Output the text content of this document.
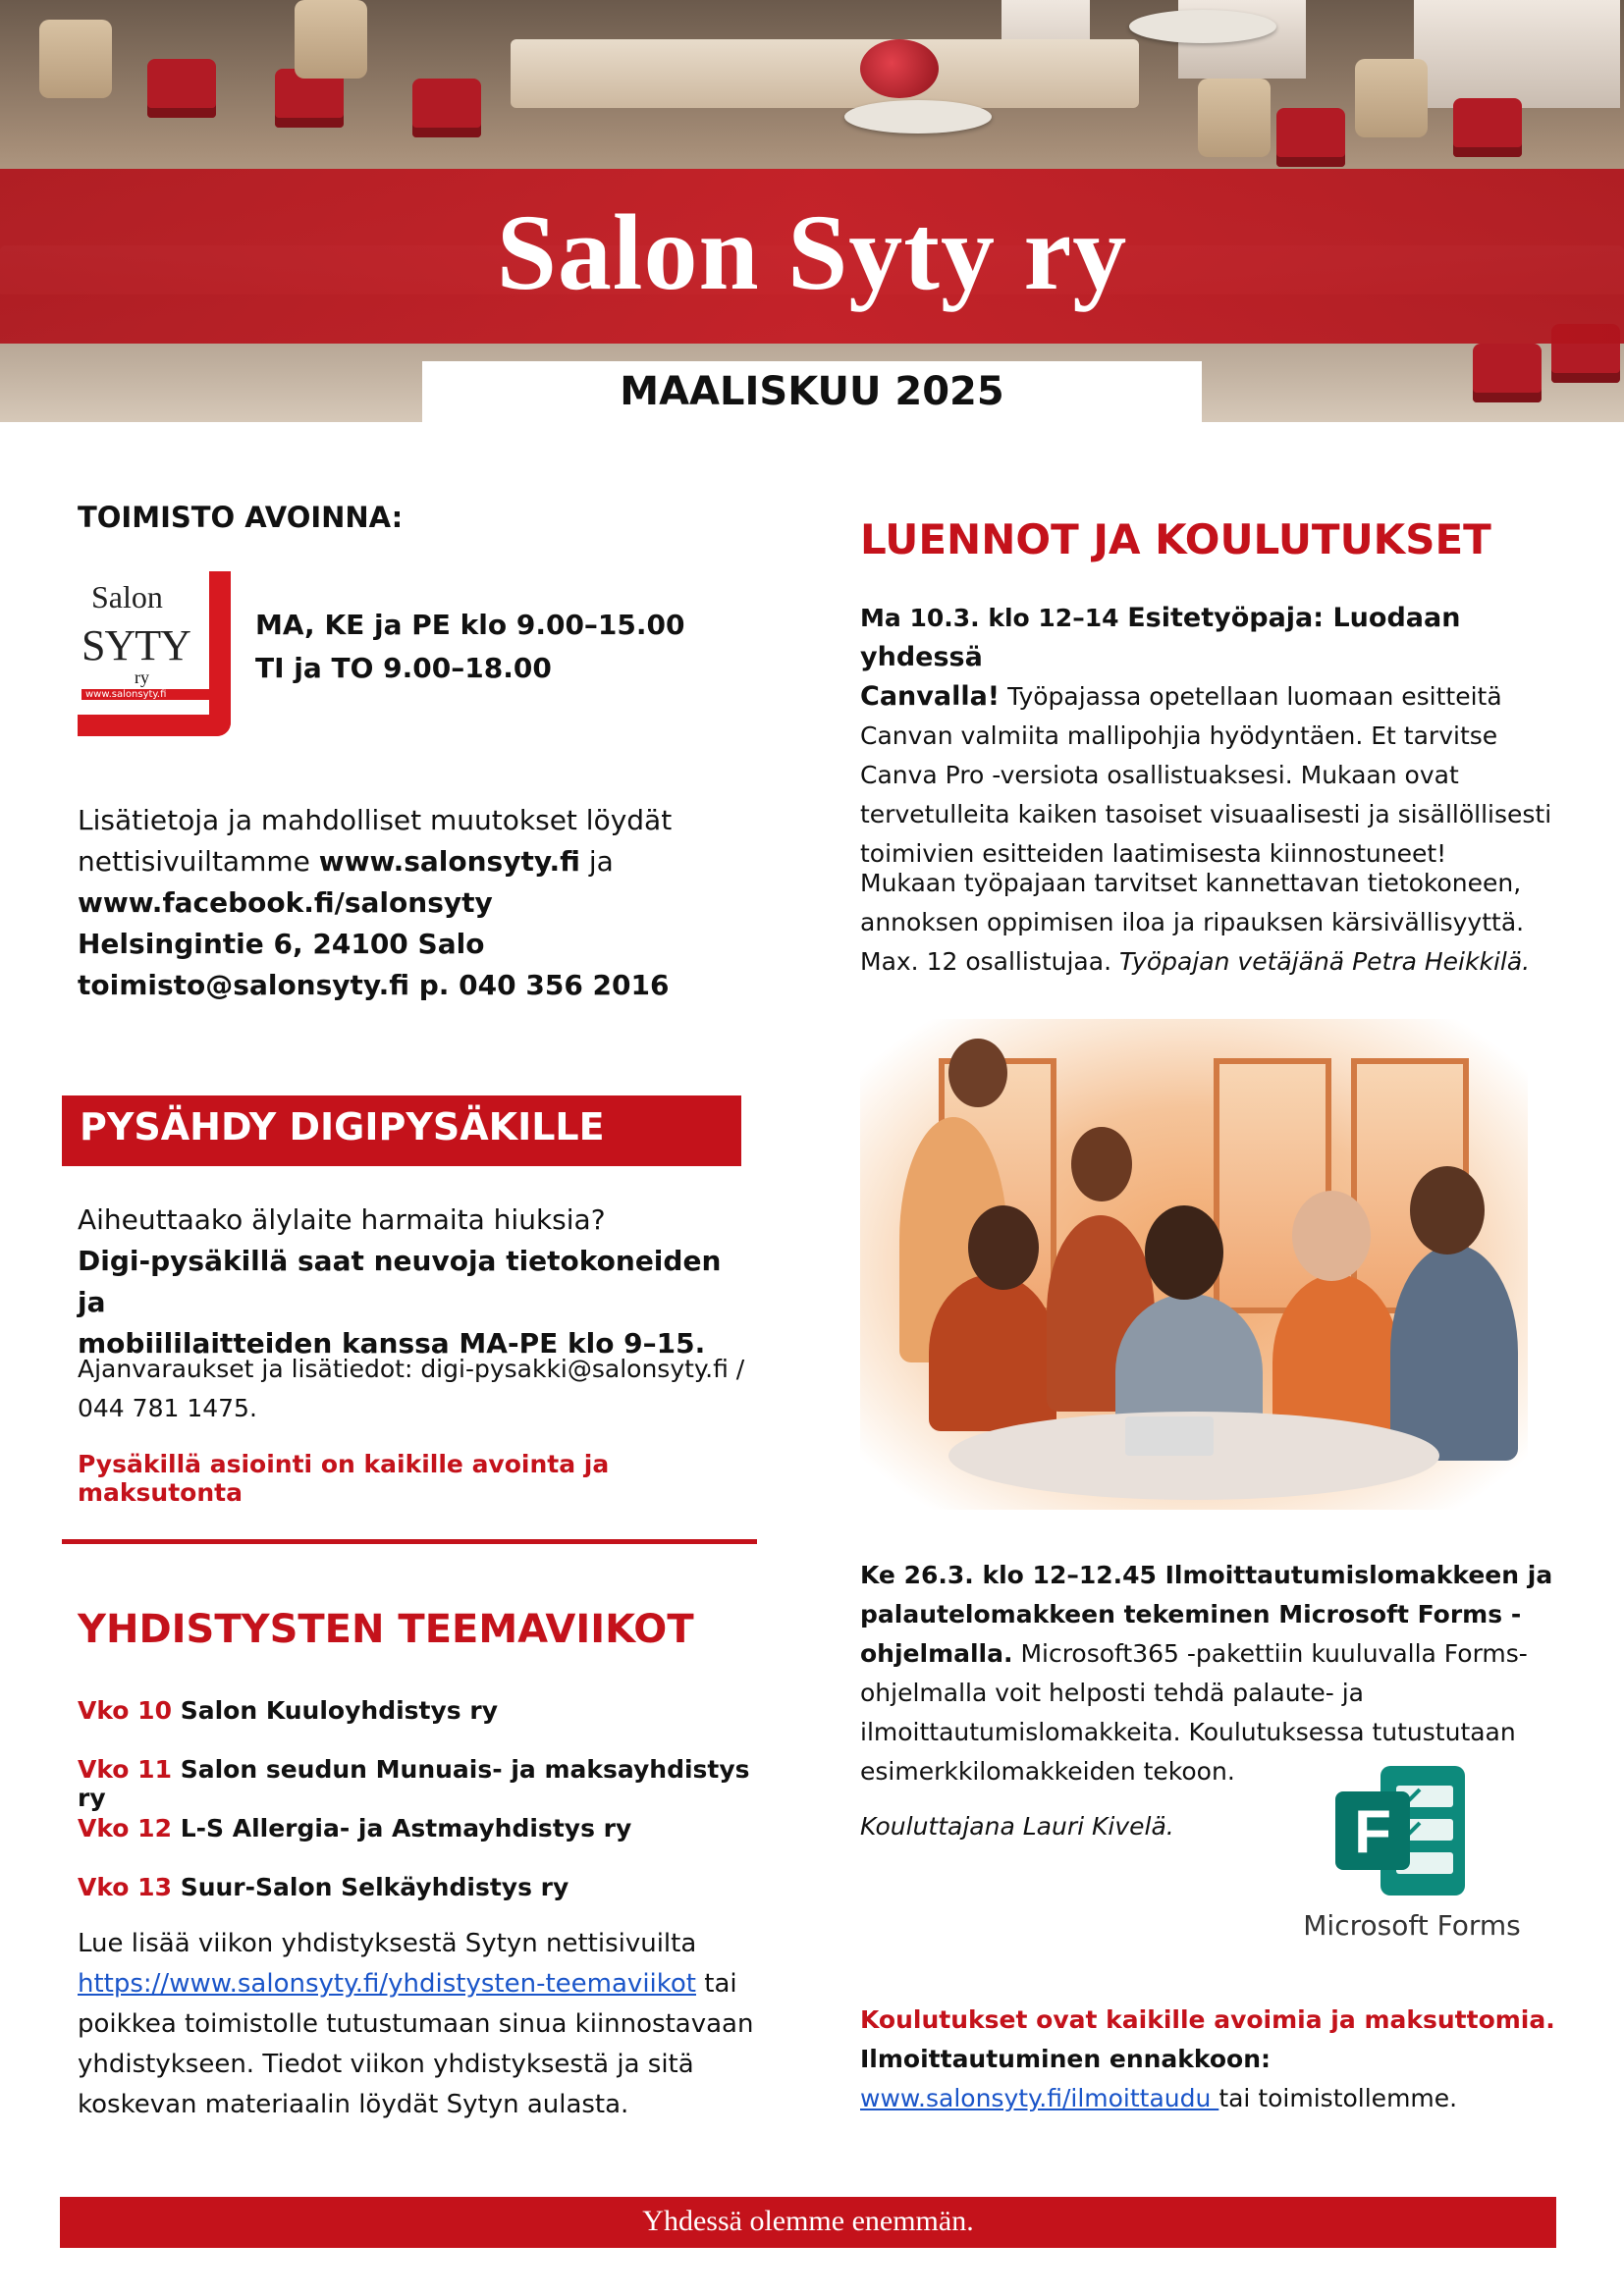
Salon Syty ry
MAALISKUU 2025
TOIMISTO AVOINNA:
Salon
SYTY
ry
www.salonsyty.fi
MA, KE ja PE klo 9.00–15.00
TI ja TO 9.00–18.00
Lisätietoja ja mahdolliset muutokset löydät
nettisivuiltamme www.salonsyty.fi ja
www.facebook.fi/salonsyty
Helsingintie 6, 24100 Salo
toimisto@salonsyty.fi p. 040 356 2016
PYSÄHDY DIGIPYSÄKILLE
Aiheuttaako älylaite harmaita hiuksia?
Digi-pysäkillä saat neuvoja tietokoneiden ja
mobiililaitteiden kanssa MA-PE klo 9–15.
Ajanvaraukset ja lisätiedot: digi-pysakki@salonsyty.fi /
044 781 1475.
Pysäkillä asiointi on kaikille avointa ja maksutonta
YHDISTYSTEN TEEMAVIIKOT
Vko 10 Salon Kuuloyhdistys ry
Vko 11 Salon seudun Munuais- ja maksayhdistys ry
Vko 12 L-S Allergia- ja Astmayhdistys ry
Vko 13 Suur-Salon Selkäyhdistys ry
Lue lisää viikon yhdistyksestä Sytyn nettisivuilta
https://www.salonsyty.fi/yhdistysten-teemaviikot tai
poikkea toimistolle tutustumaan sinua kiinnostavaan
yhdistykseen. Tiedot viikon yhdistyksestä ja sitä
koskevan materiaalin löydät Sytyn aulasta.
LUENNOT JA KOULUTUKSET
Ma 10.3. klo 12–14 Esitetyöpaja: Luodaan yhdessä
Canvalla! Työpajassa opetellaan luomaan esitteitä
Canvan valmiita mallipohjia hyödyntäen. Et tarvitse
Canva Pro -versiota osallistuaksesi. Mukaan ovat
tervetulleita kaiken tasoiset visuaalisesti ja sisällöllisesti
toimivien esitteiden laatimisesta kiinnostuneet!
Mukaan työpajaan tarvitset kannettavan tietokoneen,
annoksen oppimisen iloa ja ripauksen kärsivällisyyttä.
Max. 12 osallistujaa. Työpajan vetäjänä Petra Heikkilä.
Ke 26.3. klo 12–12.45 Ilmoittautumislomakkeen ja
palautelomakkeen tekeminen Microsoft Forms -
ohjelmalla. Microsoft365 -pakettiin kuuluvalla Forms-
ohjelmalla voit helposti tehdä palaute- ja
ilmoittautumislomakkeita. Koulutuksessa tutustutaan
esimerkkilomakkeiden tekoon.
Kouluttajana Lauri Kivelä.	F
Microsoft Forms
Koulutukset ovat kaikille avoimia ja maksuttomia.
Ilmoittautuminen ennakkoon:
www.salonsyty.fi/ilmoittaudu tai toimistollemme.
Yhdessä olemme enemmän.
